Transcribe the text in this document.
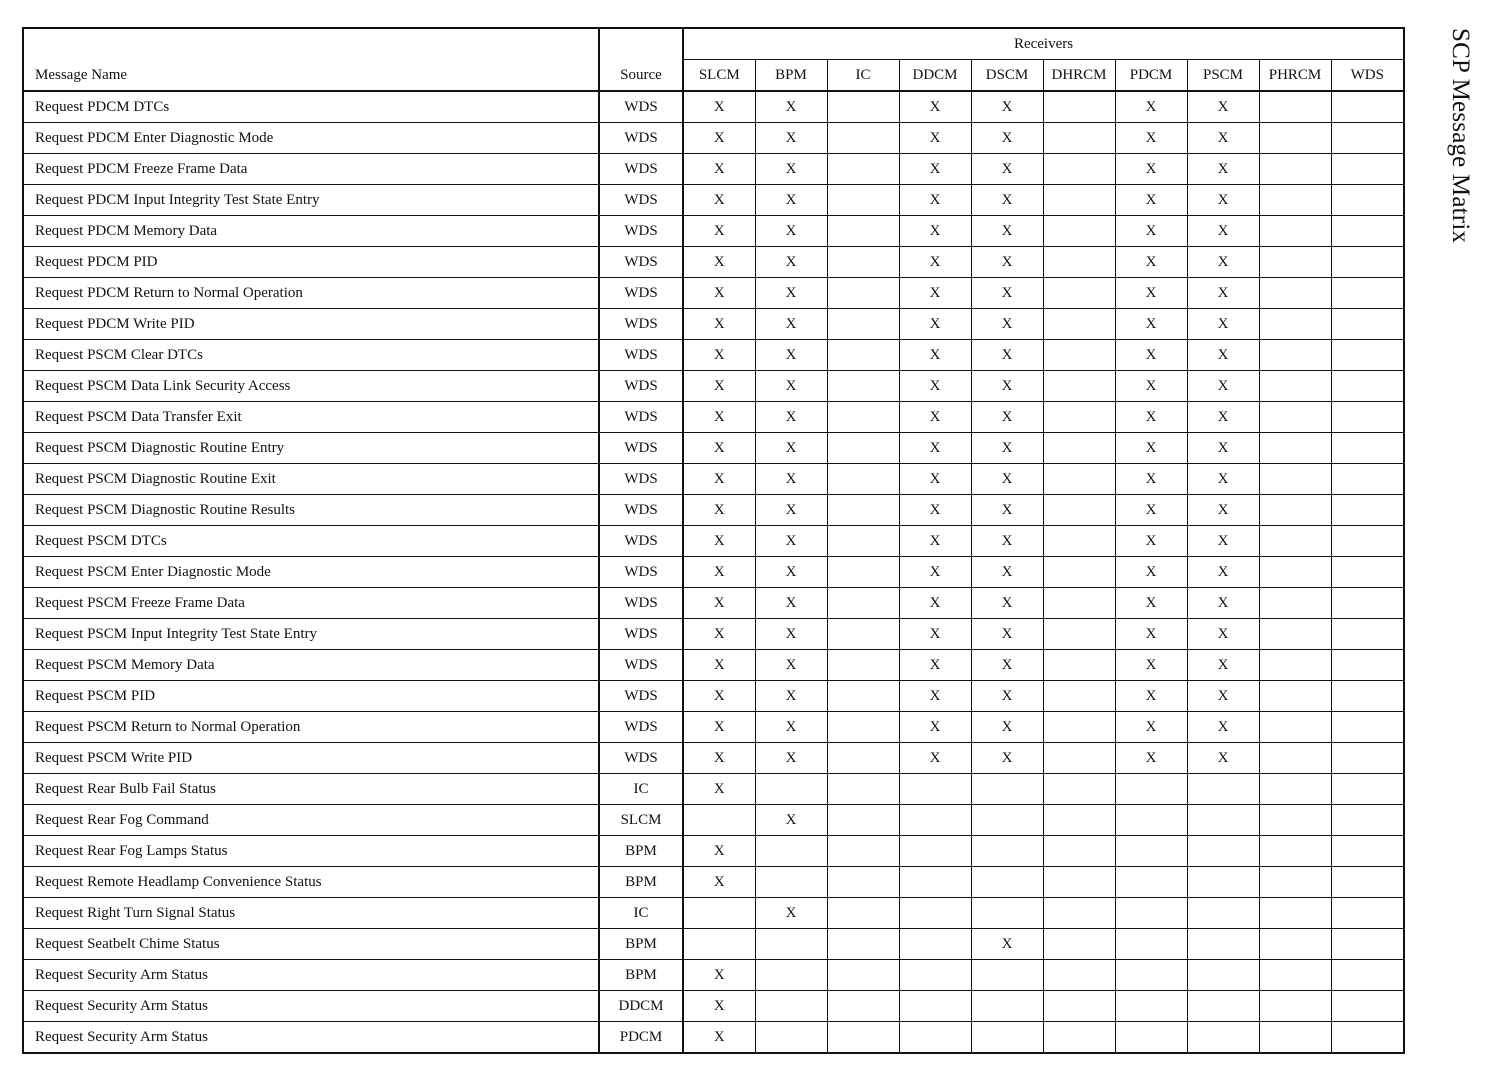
SCP Message Matrix
Message Name	Source	Receivers									
		SLCM	BPM	IC	DDCM	DSCM	DHRCM	PDCM	PSCM	PHRCM	WDS
Request PDCM DTCs	WDS	X	X		X	X		X	X		
Request PDCM Enter Diagnostic Mode	WDS	X	X		X	X		X	X		
Request PDCM Freeze Frame Data	WDS	X	X		X	X		X	X		
Request PDCM Input Integrity Test State Entry	WDS	X	X		X	X		X	X		
Request PDCM Memory Data	WDS	X	X		X	X		X	X		
Request PDCM PID	WDS	X	X		X	X		X	X		
Request PDCM Return to Normal Operation	WDS	X	X		X	X		X	X		
Request PDCM Write PID	WDS	X	X		X	X		X	X		
Request PSCM Clear DTCs	WDS	X	X		X	X		X	X		
Request PSCM Data Link Security Access	WDS	X	X		X	X		X	X		
Request PSCM Data Transfer Exit	WDS	X	X		X	X		X	X		
Request PSCM Diagnostic Routine Entry	WDS	X	X		X	X		X	X		
Request PSCM Diagnostic Routine Exit	WDS	X	X		X	X		X	X		
Request PSCM Diagnostic Routine Results	WDS	X	X		X	X		X	X		
Request PSCM DTCs	WDS	X	X		X	X		X	X		
Request PSCM Enter Diagnostic Mode	WDS	X	X		X	X		X	X		
Request PSCM Freeze Frame Data	WDS	X	X		X	X		X	X		
Request PSCM Input Integrity Test State Entry	WDS	X	X		X	X		X	X		
Request PSCM Memory Data	WDS	X	X		X	X		X	X		
Request PSCM PID	WDS	X	X		X	X		X	X		
Request PSCM Return to Normal Operation	WDS	X	X		X	X		X	X		
Request PSCM Write PID	WDS	X	X		X	X		X	X		
Request Rear Bulb Fail Status	IC	X									
Request Rear Fog Command	SLCM		X								
Request Rear Fog Lamps Status	BPM	X									
Request Remote Headlamp Convenience Status	BPM	X									
Request Right Turn Signal Status	IC		X								
Request Seatbelt Chime Status	BPM					X					
Request Security Arm Status	BPM	X									
Request Security Arm Status	DDCM	X									
Request Security Arm Status	PDCM	X									
